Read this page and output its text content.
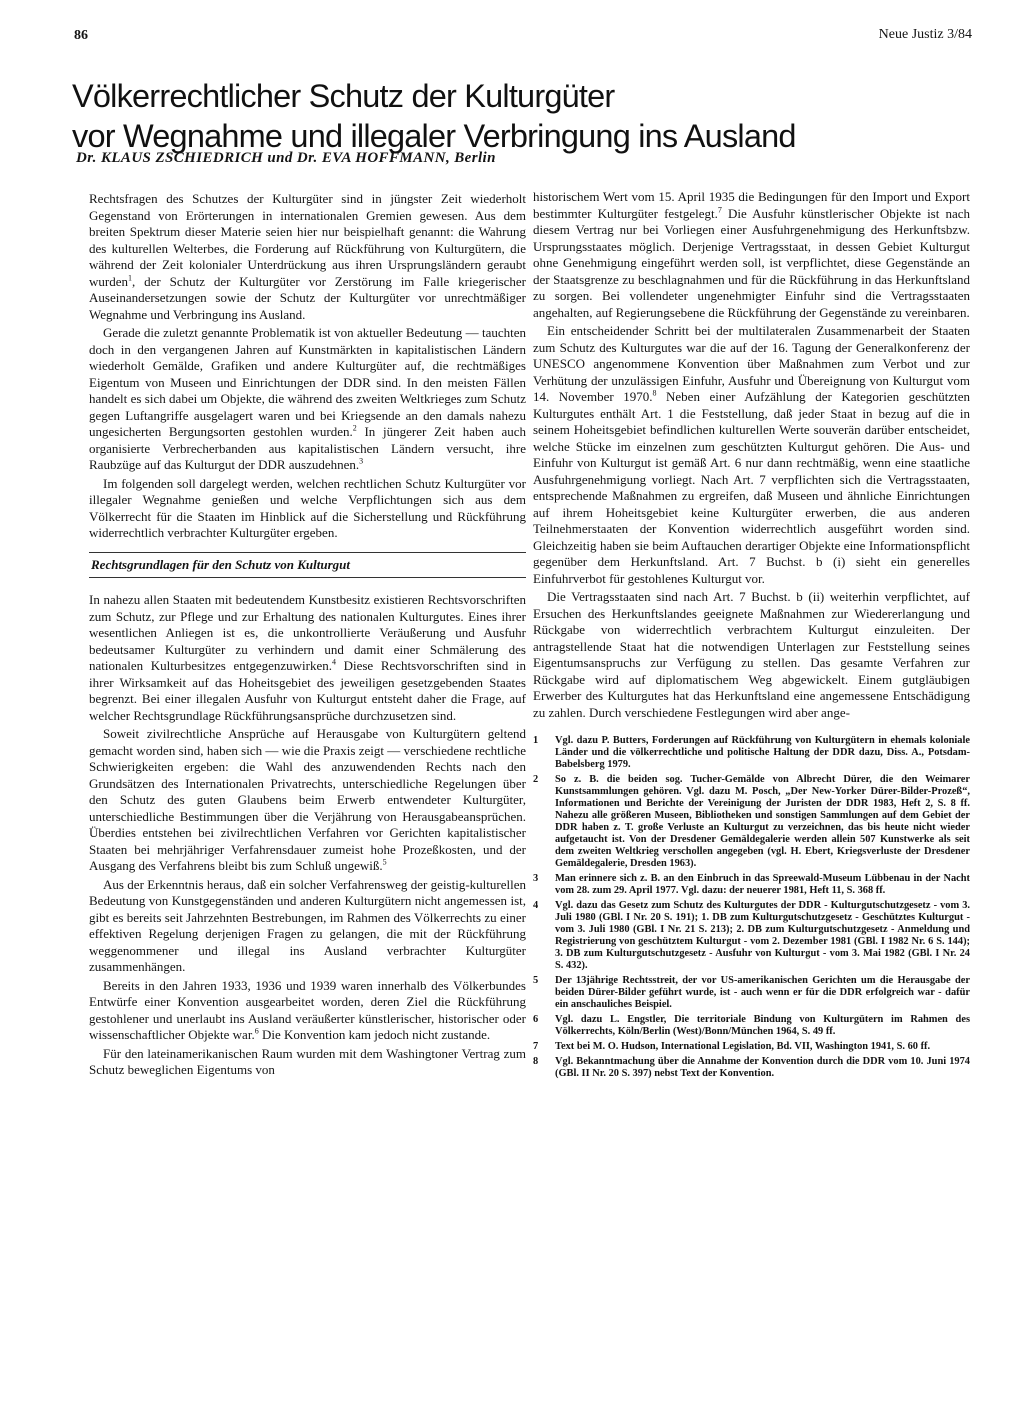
86	Neue Justiz 3/84
Völkerrechtlicher Schutz der Kulturgüter
vor Wegnahme und illegaler Verbringung ins Ausland
Dr. KLAUS ZSCHIEDRICH und Dr. EVA HOFFMANN, Berlin

Rechtsfragen des Schutzes der Kulturgüter sind in jüngster Zeit wiederholt Gegenstand von Erörterungen in internationalen Gremien gewesen. Aus dem breiten Spektrum dieser Materie seien hier nur beispielhaft genannt: die Wahrung des kulturellen Welterbes, die Forderung auf Rückführung von Kulturgütern, die während der Zeit kolonialer Unterdrückung aus ihren Ursprungsländern geraubt wurden$^1$, der Schutz der Kulturgüter vor Zerstörung im Falle kriegerischer Auseinandersetzungen sowie der Schutz der Kulturgüter vor unrechtmäßiger Wegnahme und Verbringung ins Ausland.

Gerade die zuletzt genannte Problematik ist von aktueller Bedeutung — tauchten doch in den vergangenen Jahren auf Kunstmärkten in kapitalistischen Ländern wiederholt Gemälde, Grafiken und andere Kulturgüter auf, die rechtmäßiges Eigentum von Museen und Einrichtungen der DDR sind. In den meisten Fällen handelt es sich dabei um Objekte, die während des zweiten Weltkrieges zum Schutz gegen Luftangriffe ausgelagert waren und bei Kriegsende an den damals nahezu ungesicherten Bergungsorten gestohlen wurden.$^2$ In jüngerer Zeit haben auch organisierte Verbrecherbanden aus kapitalistischen Ländern versucht, ihre Raubzüge auf das Kulturgut der DDR auszudehnen.$^3$

Im folgenden soll dargelegt werden, welchen rechtlichen Schutz Kulturgüter vor illegaler Wegnahme genießen und welche Verpflichtungen sich aus dem Völkerrecht für die Staaten im Hinblick auf die Sicherstellung und Rückführung widerrechtlich verbrachter Kulturgüter ergeben.

Rechtsgrundlagen für den Schutz von Kulturgut

In nahezu allen Staaten mit bedeutendem Kunstbesitz existieren Rechtsvorschriften zum Schutz, zur Pflege und zur Erhaltung des nationalen Kulturgutes. Eines ihrer wesentlichen Anliegen ist es, die unkontrollierte Veräußerung und Ausfuhr bedeutsamer Kulturgüter zu verhindern und damit einer Schmälerung des nationalen Kulturbesitzes entgegenzuwirken.$^4$ Diese Rechtsvorschriften sind in ihrer Wirksamkeit auf das Hoheitsgebiet des jeweiligen gesetzgebenden Staates begrenzt. Bei einer illegalen Ausfuhr von Kulturgut entsteht daher die Frage, auf welcher Rechtsgrundlage Rückführungsansprüche durchzusetzen sind.

Soweit zivilrechtliche Ansprüche auf Herausgabe von Kulturgütern geltend gemacht worden sind, haben sich — wie die Praxis zeigt — verschiedene rechtliche Schwierigkeiten ergeben: die Wahl des anzuwendenden Rechts nach den Grundsätzen des Internationalen Privatrechts, unterschiedliche Regelungen über den Schutz des guten Glaubens beim Erwerb entwendeter Kulturgüter, unterschiedliche Bestimmungen über die Verjährung von Herausgabeansprüchen. Überdies entstehen bei zivilrechtlichen Verfahren vor Gerichten kapitalistischer Staaten bei mehrjähriger Verfahrensdauer zumeist hohe Prozeßkosten, und der Ausgang des Verfahrens bleibt bis zum Schluß ungewiß.$^5$

Aus der Erkenntnis heraus, daß ein solcher Verfahrensweg der geistig-kulturellen Bedeutung von Kunstgegenständen und anderen Kulturgütern nicht angemessen ist, gibt es bereits seit Jahrzehnten Bestrebungen, im Rahmen des Völkerrechts zu einer effektiven Regelung derjenigen Fragen zu gelangen, die mit der Rückführung weggenommener und illegal ins Ausland verbrachter Kulturgüter zusammenhängen.

Bereits in den Jahren 1933, 1936 und 1939 waren innerhalb des Völkerbundes Entwürfe einer Konvention ausgearbeitet worden, deren Ziel die Rückführung gestohlener und unerlaubt ins Ausland veräußerter künstlerischer, historischer oder wissenschaftlicher Objekte war.$^6$ Die Konvention kam jedoch nicht zustande.

Für den lateinamerikanischen Raum wurden mit dem Washingtoner Vertrag zum Schutz beweglichen Eigentums von

historischem Wert vom 15. April 1935 die Bedingungen für den Import und Export bestimmter Kulturgüter festgelegt.$^7$ Die Ausfuhr künstlerischer Objekte ist nach diesem Vertrag nur bei Vorliegen einer Ausfuhrgenehmigung des Herkunftsbzw. Ursprungsstaates möglich. Derjenige Vertragsstaat, in dessen Gebiet Kulturgut ohne Genehmigung eingeführt werden soll, ist verpflichtet, diese Gegenstände an der Staatsgrenze zu beschlagnahmen und für die Rückführung in das Herkunftsland zu sorgen. Bei vollendeter ungenehmigter Einfuhr sind die Vertragsstaaten angehalten, auf Regierungsebene die Rückführung der Gegenstände zu vereinbaren.

Ein entscheidender Schritt bei der multilateralen Zusammenarbeit der Staaten zum Schutz des Kulturgutes war die auf der 16. Tagung der Generalkonferenz der UNESCO angenommene Konvention über Maßnahmen zum Verbot und zur Verhütung der unzulässigen Einfuhr, Ausfuhr und Übereignung von Kulturgut vom 14. November 1970.$^8$ Neben einer Aufzählung der Kategorien geschützten Kulturgutes enthält Art. 1 die Feststellung, daß jeder Staat in bezug auf die in seinem Hoheitsgebiet befindlichen kulturellen Werte souverän darüber entscheidet, welche Stücke im einzelnen zum geschützten Kulturgut gehören. Die Aus- und Einfuhr von Kulturgut ist gemäß Art. 6 nur dann rechtmäßig, wenn eine staatliche Ausfuhrgenehmigung vorliegt. Nach Art. 7 verpflichten sich die Vertragsstaaten, entsprechende Maßnahmen zu ergreifen, daß Museen und ähnliche Einrichtungen auf ihrem Hoheitsgebiet keine Kulturgüter erwerben, die aus anderen Teilnehmerstaaten der Konvention widerrechtlich ausgeführt worden sind. Gleichzeitig haben sie beim Auftauchen derartiger Objekte eine Informationspflicht gegenüber dem Herkunftsland. Art. 7 Buchst. b (i) sieht ein generelles Einfuhrverbot für gestohlenes Kulturgut vor.

Die Vertragsstaaten sind nach Art. 7 Buchst. b (ii) weiterhin verpflichtet, auf Ersuchen des Herkunftslandes geeignete Maßnahmen zur Wiedererlangung und Rückgabe von widerrechtlich verbrachtem Kulturgut einzuleiten. Der antragstellende Staat hat die notwendigen Unterlagen zur Feststellung seines Eigentumsanspruchs zur Verfügung zu stellen. Das gesamte Verfahren zur Rückgabe wird auf diplomatischem Weg abgewickelt. Einem gutgläubigen Erwerber des Kulturgutes hat das Herkunftsland eine angemessene Entschädigung zu zahlen. Durch verschiedene Festlegungen wird aber ange-

1	Vgl. dazu P. Butters, Forderungen auf Rückführung von Kulturgütern in ehemals koloniale Länder und die völkerrechtliche und politische Haltung der DDR dazu, Diss. A., Potsdam-Babelsberg 1979.
2	So z. B. die beiden sog. Tucher-Gemälde von Albrecht Dürer, die den Weimarer Kunstsammlungen gehören. Vgl. dazu M. Posch, „Der New-Yorker Dürer-Bilder-Prozeß“, Informationen und Berichte der Vereinigung der Juristen der DDR 1983, Heft 2, S. 8 ff. Nahezu alle größeren Museen, Bibliotheken und sonstigen Sammlungen auf dem Gebiet der DDR haben z. T. große Verluste an Kulturgut zu verzeichnen, das bis heute nicht wieder aufgetaucht ist. Von der Dresdener Gemäldegalerie werden allein 507 Kunstwerke als seit dem zweiten Weltkrieg verschollen angegeben (vgl. H. Ebert, Kriegsverluste der Dresdener Gemäldegalerie, Dresden 1963).
3	Man erinnere sich z. B. an den Einbruch in das Spreewald-Museum Lübbenau in der Nacht vom 28. zum 29. April 1977. Vgl. dazu: der neuerer 1981, Heft 11, S. 368 ff.
4	Vgl. dazu das Gesetz zum Schutz des Kulturgutes der DDR - Kulturgutschutzgesetz - vom 3. Juli 1980 (GBl. I Nr. 20 S. 191); 1. DB zum Kulturgutschutzgesetz - Geschütztes Kulturgut - vom 3. Juli 1980 (GBl. I Nr. 21 S. 213); 2. DB zum Kulturgutschutzgesetz - Anmeldung und Registrierung von geschütztem Kulturgut - vom 2. Dezember 1981 (GBl. I 1982 Nr. 6 S. 144); 3. DB zum Kulturgutschutzgesetz - Ausfuhr von Kulturgut - vom 3. Mai 1982 (GBl. I Nr. 24 S. 432).
5	Der 13jährige Rechtsstreit, der vor US-amerikanischen Gerichten um die Herausgabe der beiden Dürer-Bilder geführt wurde, ist - auch wenn er für die DDR erfolgreich war - dafür ein anschauliches Beispiel.
6	Vgl. dazu L. Engstler, Die territoriale Bindung von Kulturgütern im Rahmen des Völkerrechts, Köln/Berlin (West)/Bonn/München 1964, S. 49 ff.
7	Text bei M. O. Hudson, International Legislation, Bd. VII, Washington 1941, S. 60 ff.
8	Vgl. Bekanntmachung über die Annahme der Konvention durch die DDR vom 10. Juni 1974 (GBl. II Nr. 20 S. 397) nebst Text der Konvention.
